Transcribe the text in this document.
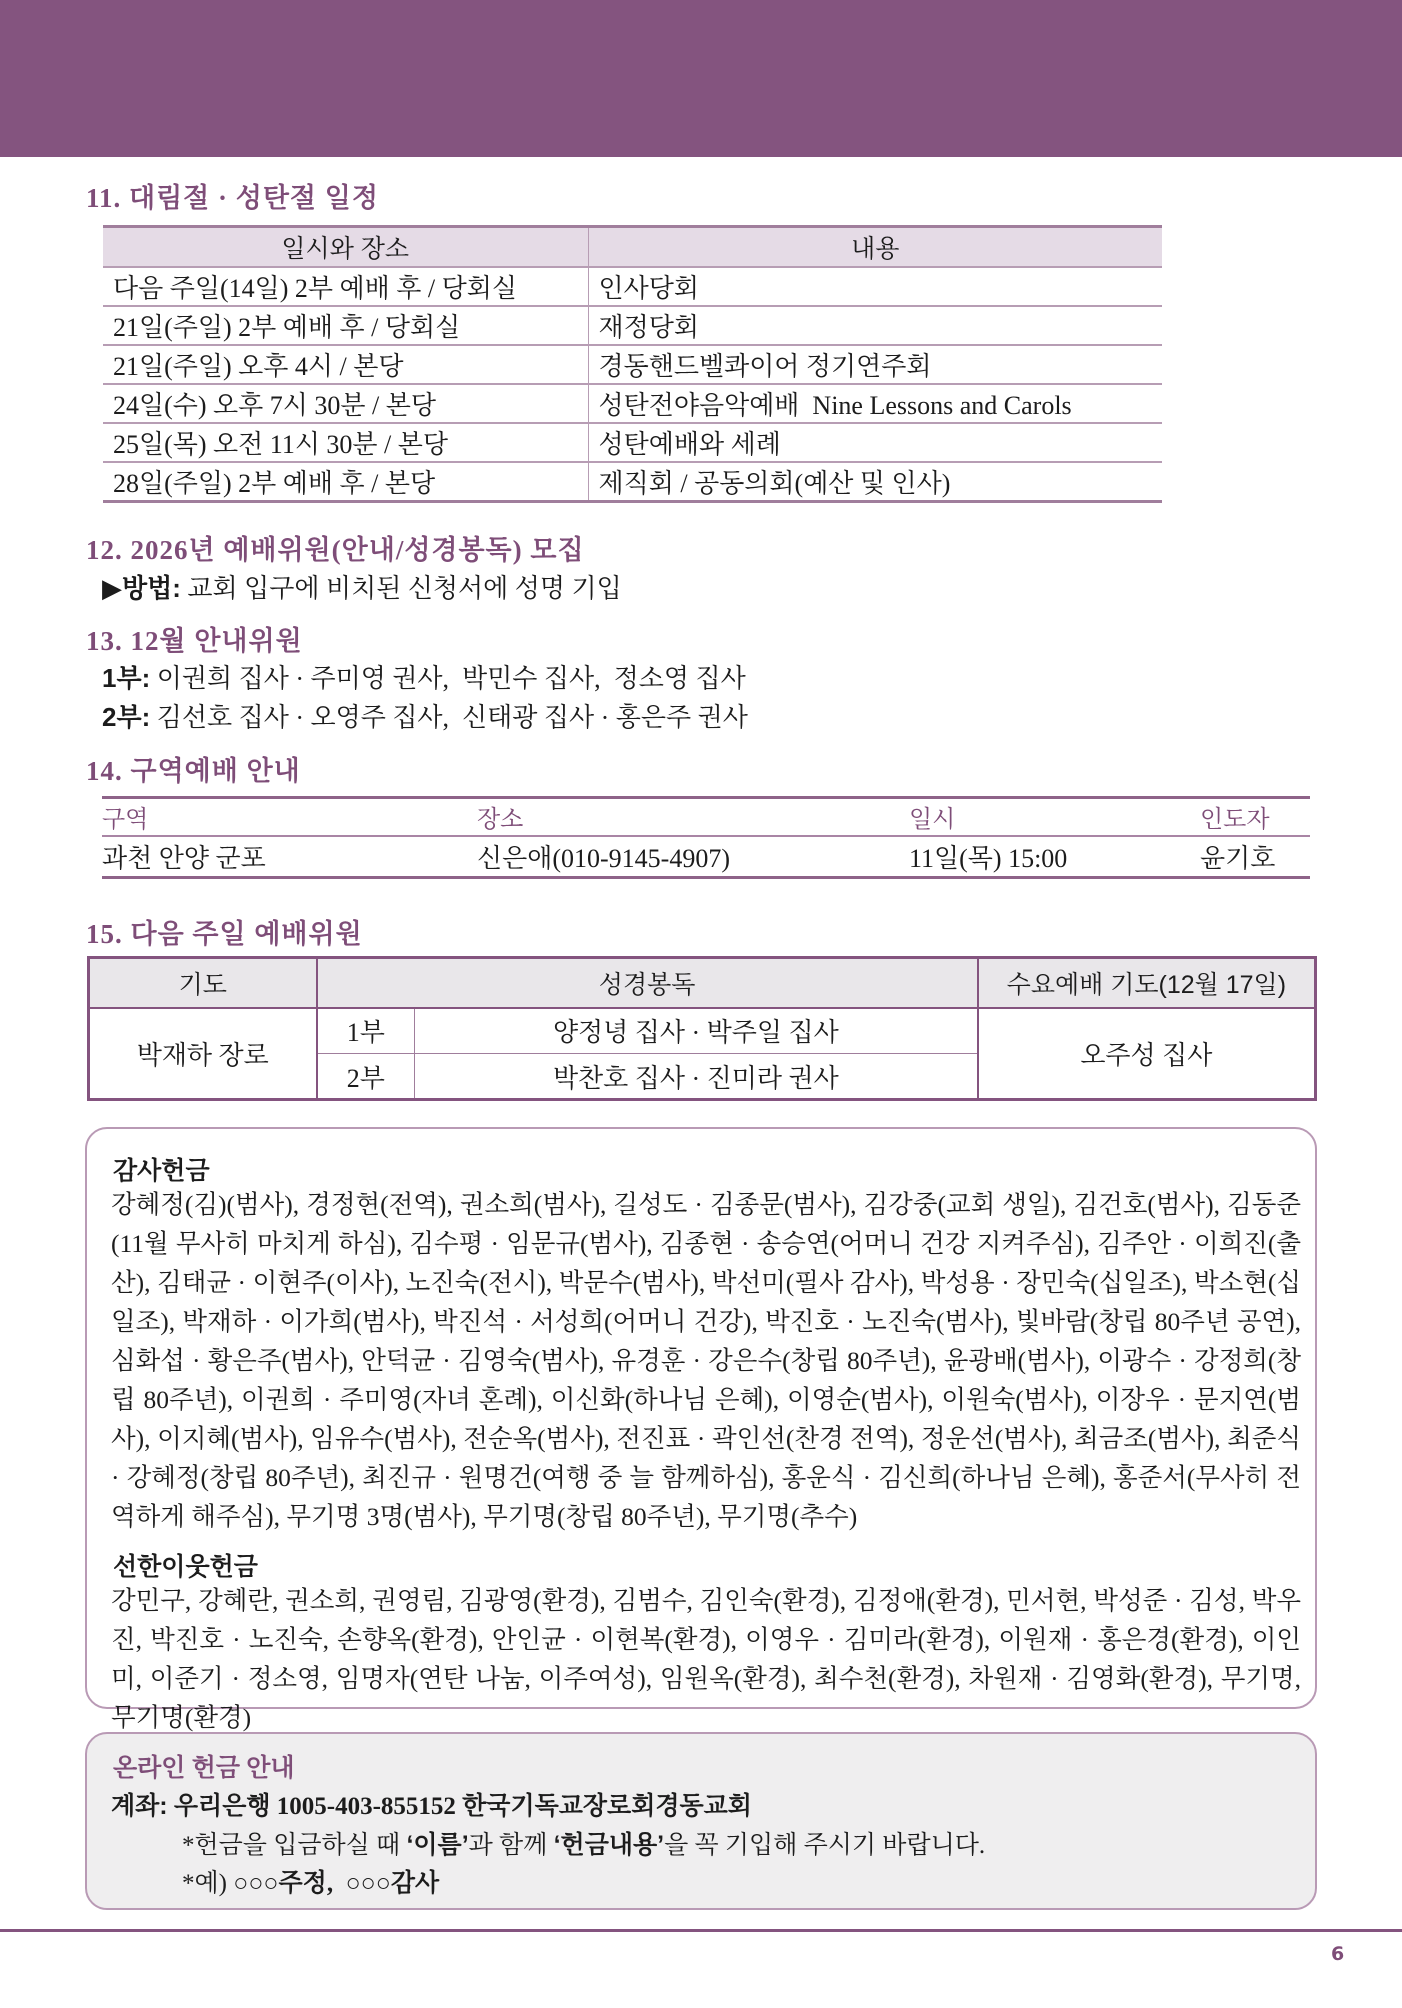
11. 대림절 · 성탄절 일정
일시와 장소	내용
다음 주일(14일) 2부 예배 후 / 당회실	인사당회
21일(주일) 2부 예배 후 / 당회실	재정당회
21일(주일) 오후 4시 / 본당	경동핸드벨콰이어 정기연주회
24일(수) 오후 7시 30분 / 본당	성탄전야음악예배  Nine Lessons and Carols
25일(목) 오전 11시 30분 / 본당	성탄예배와 세례
28일(주일) 2부 예배 후 / 본당	제직회 / 공동의회(예산 및 인사)
12. 2026년 예배위원(안내/성경봉독) 모집
▶방법: 교회 입구에 비치된 신청서에 성명 기입
13. 12월 안내위원
1부: 이권희 집사 · 주미영 권사,  박민수 집사,  정소영 집사
2부: 김선호 집사 · 오영주 집사,  신태광 집사 · 홍은주 권사
14. 구역예배 안내
구역	장소	일시	인도자
과천 안양 군포	신은애(010-9145-4907)	11일(목) 15:00	윤기호
15. 다음 주일 예배위원
기도	성경봉독		수요예배 기도(12월 17일)
박재하 장로	1부	양정녕 집사 · 박주일 집사	오주성 집사
	2부	박찬호 집사 · 진미라 권사	
감사헌금
강혜정(김)(범사), 경정현(전역), 권소희(범사), 길성도 · 김종문(범사), 김강중(교회 생일), 김건호(범사), 김동준(11월 무사히 마치게 하심), 김수평 · 임문규(범사), 김종현 · 송승연(어머니 건강 지켜주심), 김주안 · 이희진(출산), 김태균 · 이현주(이사), 노진숙(전시), 박문수(범사), 박선미(필사 감사), 박성용 · 장민숙(십일조), 박소현(십일조), 박재하 · 이가희(범사), 박진석 · 서성희(어머니 건강), 박진호 · 노진숙(범사), 빛바람(창립 80주년 공연), 심화섭 · 황은주(범사), 안덕균 · 김영숙(범사), 유경훈 · 강은수(창립 80주년), 윤광배(범사), 이광수 · 강정희(창립 80주년), 이권희 · 주미영(자녀 혼례), 이신화(하나님 은혜), 이영순(범사), 이원숙(범사), 이장우 · 문지연(범사), 이지혜(범사), 임유수(범사), 전순옥(범사), 전진표 · 곽인선(찬경 전역), 정운선(범사), 최금조(범사), 최준식 · 강혜정(창립 80주년), 최진규 · 원명건(여행 중 늘 함께하심), 홍운식 · 김신희(하나님 은혜), 홍준서(무사히 전역하게 해주심), 무기명 3명(범사), 무기명(창립 80주년), 무기명(추수)
선한이웃헌금
강민구, 강혜란, 권소희, 권영림, 김광영(환경), 김범수, 김인숙(환경), 김정애(환경), 민서현, 박성준 · 김성, 박우진, 박진호 · 노진숙, 손향옥(환경), 안인균 · 이현복(환경), 이영우 · 김미라(환경), 이원재 · 홍은경(환경), 이인미, 이준기 · 정소영, 임명자(연탄 나눔, 이주여성), 임원옥(환경), 최수천(환경), 차원재 · 김영화(환경), 무기명, 무기명(환경)
온라인 헌금 안내
계좌: 우리은행 1005-403-855152 한국기독교장로회경동교회
*헌금을 입금하실 때 ‘이름’과 함께 ‘헌금내용’을 꼭 기입해 주시기 바랍니다.
*예) ○○○주정,  ○○○감사
6
